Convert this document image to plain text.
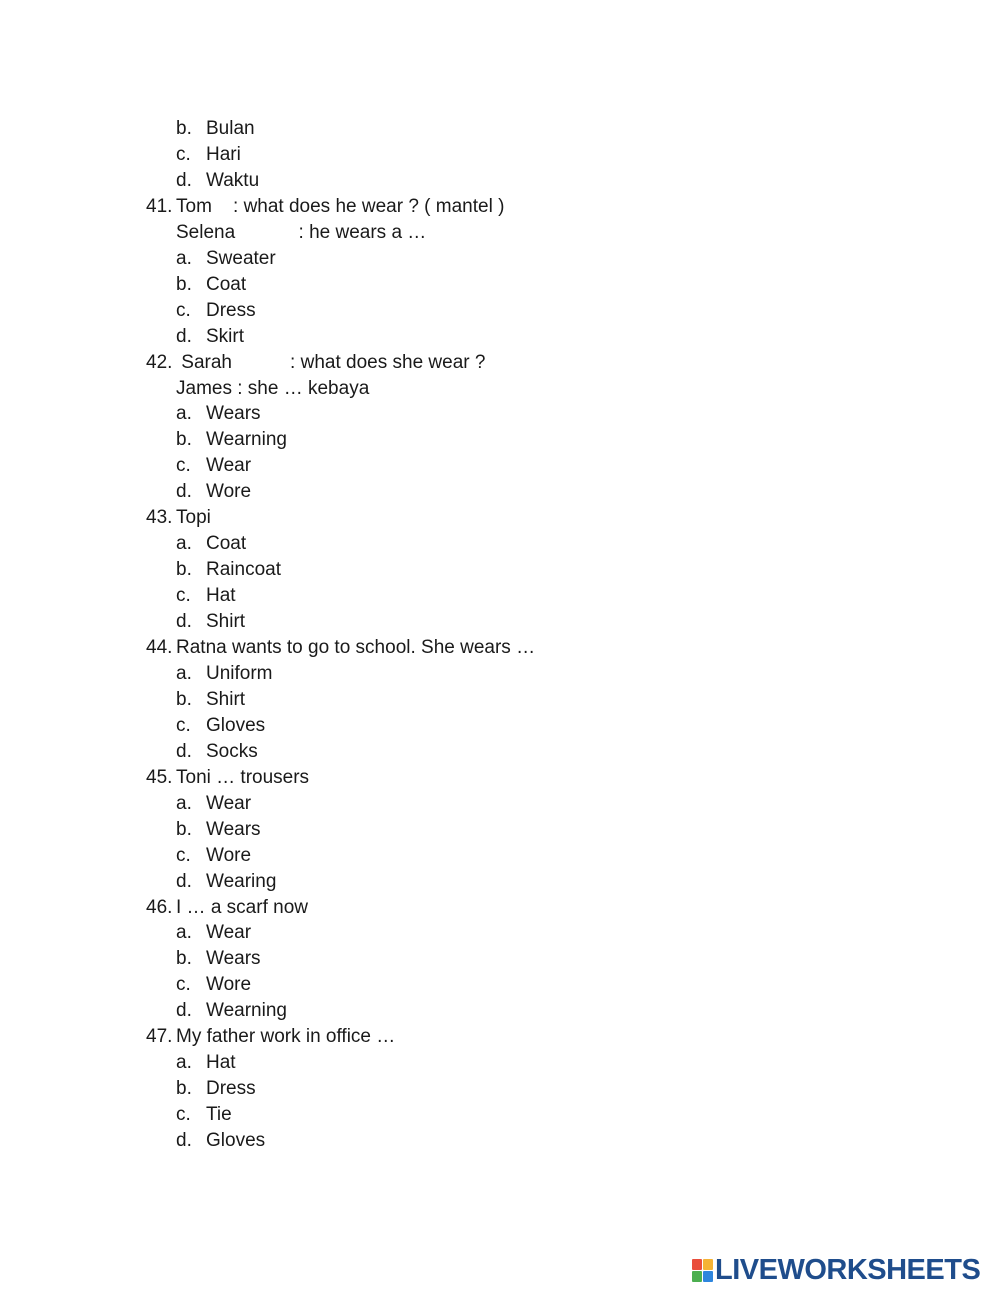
b. Bulan
c. Hari
d. Waktu
41. Tom    : what does he wear ? ( mantel )
Selena            : he wears a …
a. Sweater
b. Coat
c. Dress
d. Skirt
42. Sarah           : what does she wear ?
James : she … kebaya
a. Wears
b. Wearning
c. Wear
d. Wore
43. Topi
a. Coat
b. Raincoat
c. Hat
d. Shirt
44. Ratna wants to go to school. She wears …
a. Uniform
b. Shirt
c. Gloves
d. Socks
45. Toni … trousers
a. Wear
b. Wears
c. Wore
d. Wearing
46. I … a scarf now
a. Wear
b. Wears
c. Wore
d. Wearning
47. My father work in office …
a. Hat
b. Dress
c. Tie
d. Gloves
LIVEWORKSHEETS
